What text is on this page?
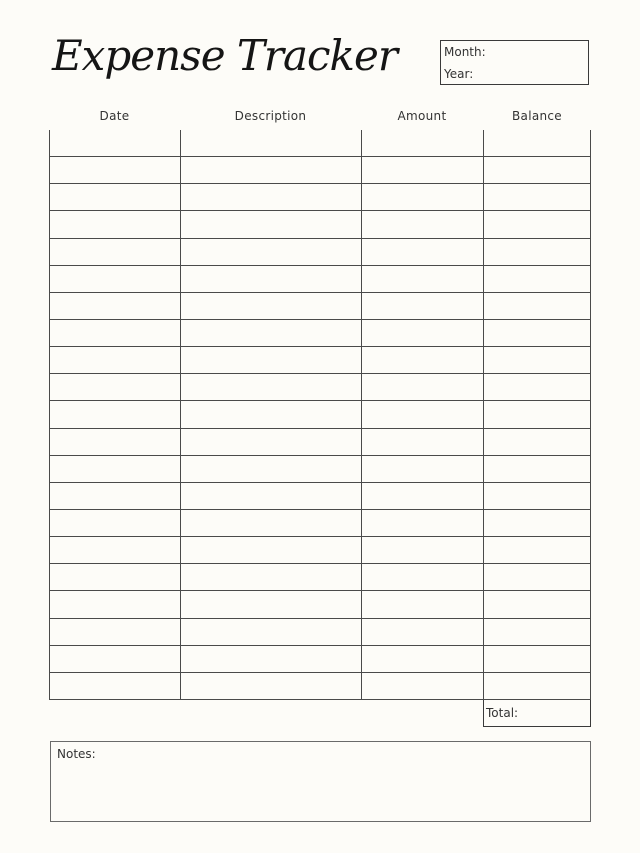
Expense Tracker	Month:
Year:
Date	Description	Amount	Balance
Total:
Notes:
